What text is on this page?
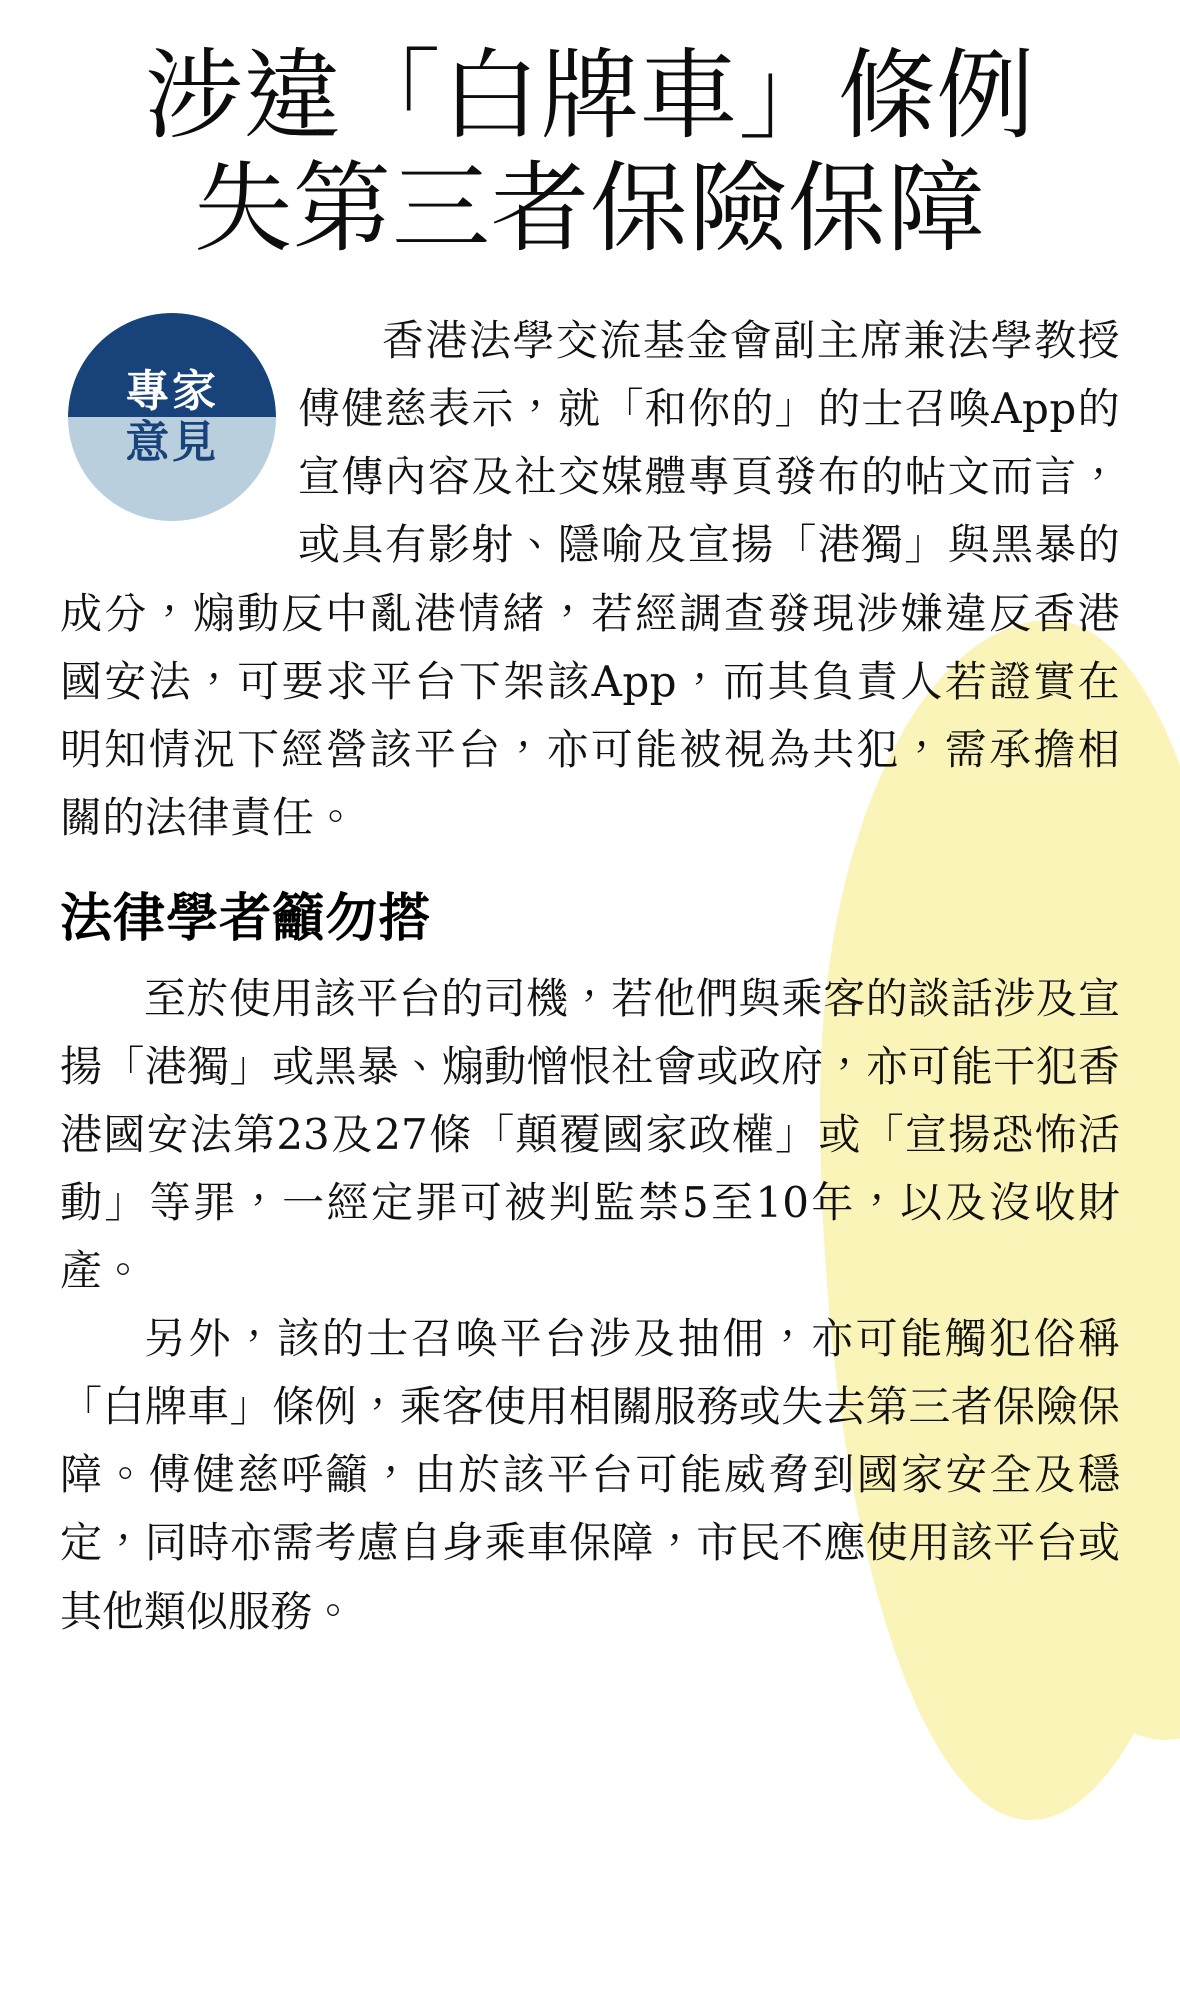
涉違「白牌車」條例
失第三者保險保障
專家
意見

香港法學交流基金會副主席兼法學教授傅健慈表示，就「和你的」的士召喚App的宣傳內容及社交媒體專頁發布的帖文而言，或具有影射、隱喻及宣揚「港獨」與黑暴的成分，煽動反中亂港情緒，若經調查發現涉嫌違反香港國安法，可要求平台下架該App，而其負責人若證實在明知情況下經營該平台，亦可能被視為共犯，需承擔相關的法律責任。

法律學者籲勿搭

至於使用該平台的司機，若他們與乘客的談話涉及宣揚「港獨」或黑暴、煽動憎恨社會或政府，亦可能干犯香港國安法第23及27條「顛覆國家政權」或「宣揚恐怖活動」等罪，一經定罪可被判監禁5至10年，以及沒收財產。

另外，該的士召喚平台涉及抽佣，亦可能觸犯俗稱「白牌車」條例，乘客使用相關服務或失去第三者保險保障。傅健慈呼籲，由於該平台可能威脅到國家安全及穩定，同時亦需考慮自身乘車保障，市民不應使用該平台或其他類似服務。
